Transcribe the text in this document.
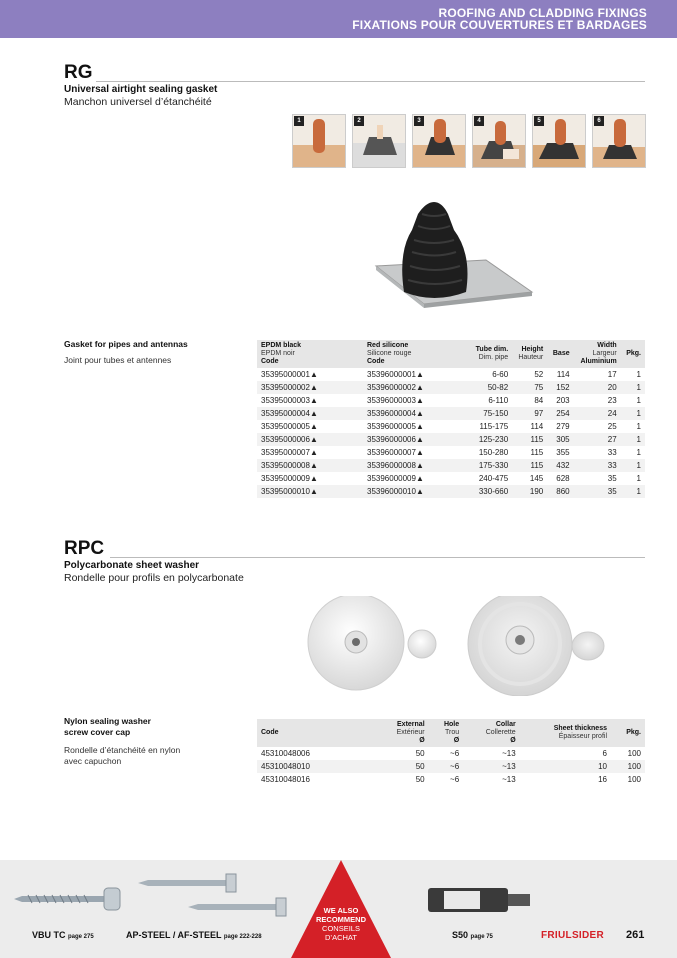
ROOFING AND CLADDING FIXINGS
FIXATIONS POUR COUVERTURES ET BARDAGES
RG
Universal airtight sealing gasket
Manchon universel d’étanchéité
1	2	3	4	5	6
Gasket for pipes and antennas
Joint pour tubes et antennes
EPDM black
EPDM noir
Code	Red silicone
Silicone rouge
Code	Tube dim.
Dim. pipe	Height
Hauteur	Base	Width
Largeur
Aluminium	Pkg.
35395000001▲	35396000001▲	6-60	52	114	17	1
35395000002▲	35396000002▲	50-82	75	152	20	1
35395000003▲	35396000003▲	6-110	84	203	23	1
35395000004▲	35396000004▲	75-150	97	254	24	1
35395000005▲	35396000005▲	115-175	114	279	25	1
35395000006▲	35396000006▲	125-230	115	305	27	1
35395000007▲	35396000007▲	150-280	115	355	33	1
35395000008▲	35396000008▲	175-330	115	432	33	1
35395000009▲	35396000009▲	240-475	145	628	35	1
35395000010▲	35396000010▲	330-660	190	860	35	1
RPC
Polycarbonate sheet washer
Rondelle pour profils en polycarbonate
Nylon sealing washer
screw cover cap
Rondelle d’étanchéité en nylon
avec capuchon
Code	External
Extérieur
Ø	Hole
Trou
Ø	Collar
Collerette
Ø	Sheet thickness
Épaisseur profil	Pkg.
45310048006	50	~6	~13	6	100
45310048010	50	~6	~13	10	100
45310048016	50	~6	~13	16	100
WE ALSO
RECOMMEND
CONSEILS
D’ACHAT
VBU TC page 275	AP-STEEL / AF-STEEL page 222-228	S50 page 75	FRIULSIDER 261
